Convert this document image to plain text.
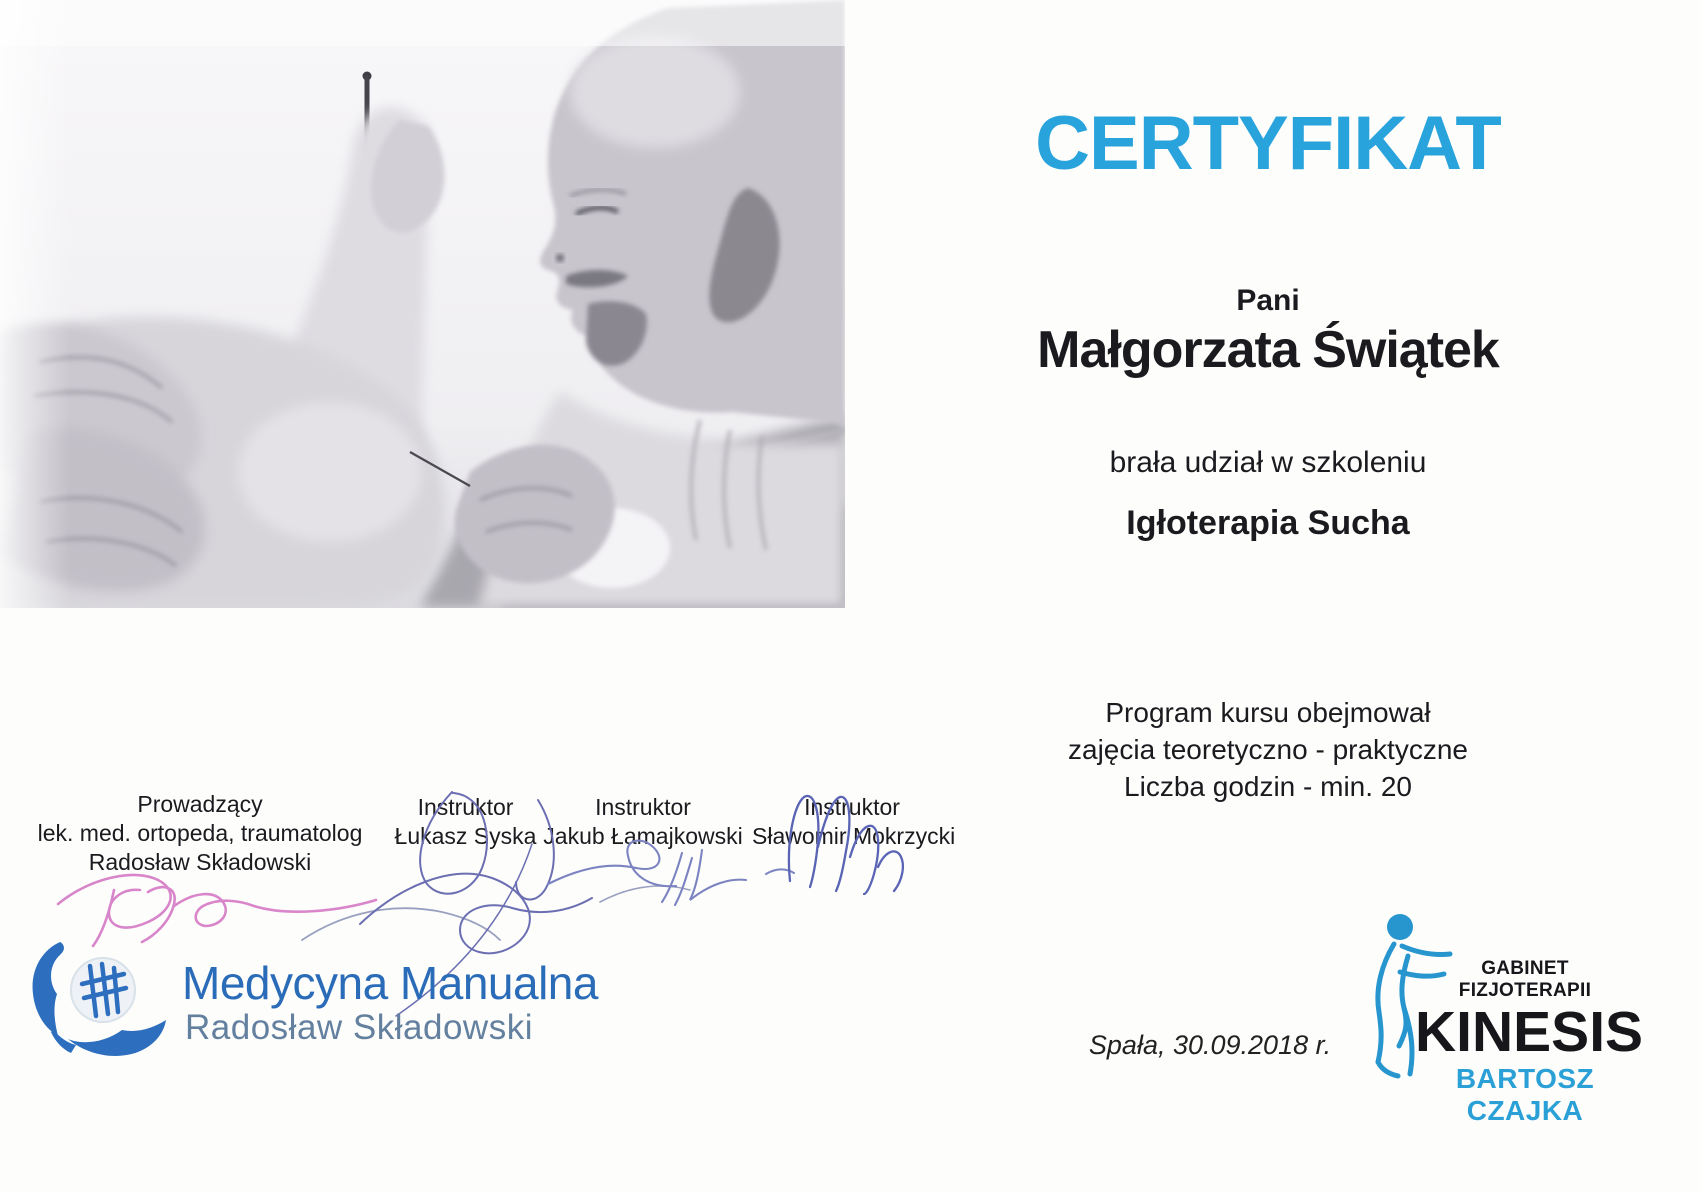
CERTYFIKAT
Pani
Małgorzata Świątek
brała udział w szkoleniu
Igłoterapia Sucha
Program kursu obejmował
zajęcia teoretyczno - praktyczne
Liczba godzin - min. 20
Prowadzący
lek. med. ortopeda, traumatolog
Radosław Składowski
Instruktor
Łukasz Syska
Instruktor
Jakub Łamajkowski
Instruktor
Sławomir Mokrzycki
Medycyna Manualna
Radosław Składowski	Spała, 30.09.2018 r.
GABINET FIZJOTERAPII
KINESIS
BARTOSZ CZAJKA
